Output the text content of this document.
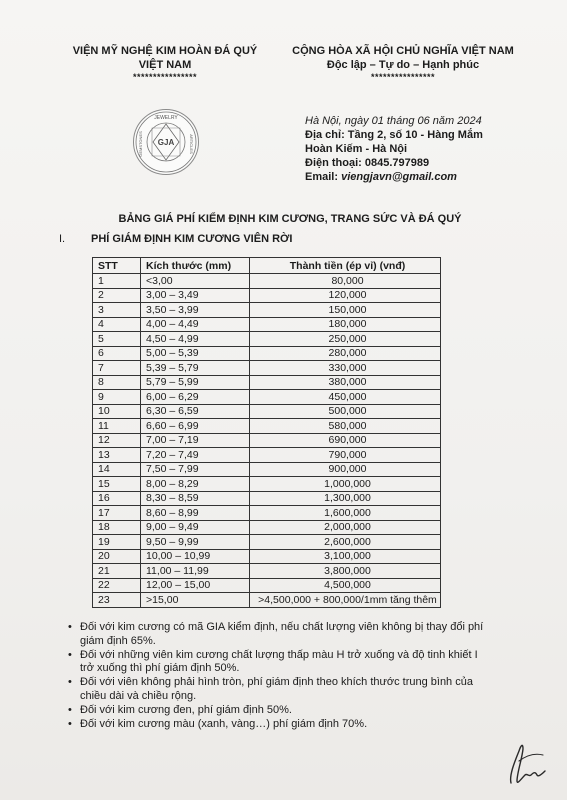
VIỆN MỸ NGHỆ KIM HOÀN ĐÁ QUÝ
VIỆT NAM
****************
CỘNG HÒA XÃ HỘI CHỦ NGHĨA VIỆT NAM
Độc lập – Tự do – Hạnh phúc
****************
GJA
JEWELRY
ARTICLES
GEMSTONES
Hà Nội, ngày 01 tháng 06 năm 2024
Địa chỉ: Tầng 2, số 10 - Hàng Mắm
Hoàn Kiếm - Hà Nội
Điện thoại: 0845.797989
Email: viengjavn@gmail.com
BẢNG GIÁ PHÍ KIỂM ĐỊNH KIM CƯƠNG, TRANG SỨC VÀ ĐÁ QUÝ
I. PHÍ GIÁM ĐỊNH KIM CƯƠNG VIÊN RỜI
STT	Kích thước (mm)	Thành tiền (ép vỉ) (vnđ)
1	<3,00	80,000
2	3,00 – 3,49	120,000
3	3,50 – 3,99	150,000
4	4,00 – 4,49	180,000
5	4,50 – 4,99	250,000
6	5,00 – 5,39	280,000
7	5,39 – 5,79	330,000
8	5,79 – 5,99	380,000
9	6,00 – 6,29	450,000
10	6,30 – 6,59	500,000
11	6,60 – 6,99	580,000
12	7,00 – 7,19	690,000
13	7,20 – 7,49	790,000
14	7,50 – 7,99	900,000
15	8,00 – 8,29	1,000,000
16	8,30 – 8,59	1,300,000
17	8,60 – 8,99	1,600,000
18	9,00 – 9,49	2,000,000
19	9,50 – 9,99	2,600,000
20	10,00 – 10,99	3,100,000
21	11,00 – 11,99	3,800,000
22	12,00 – 15,00	4,500,000
23	>15,00	>4,500,000 + 800,000/1mm tăng thêm
• Đối với kim cương có mã GIA kiểm định, nếu chất lượng viên không bị thay đổi phí giám định 65%.
• Đối với những viên kim cương chất lượng thấp màu H trở xuống và độ tinh khiết I trở xuống thì phí giám định 50%.
• Đối với viên không phải hình tròn, phí giám định theo khích thước trung bình của chiều dài và chiều rộng.
• Đối với kim cương đen, phí giám định 50%.
• Đối với kim cương màu (xanh, vàng…) phí giám định 70%.
